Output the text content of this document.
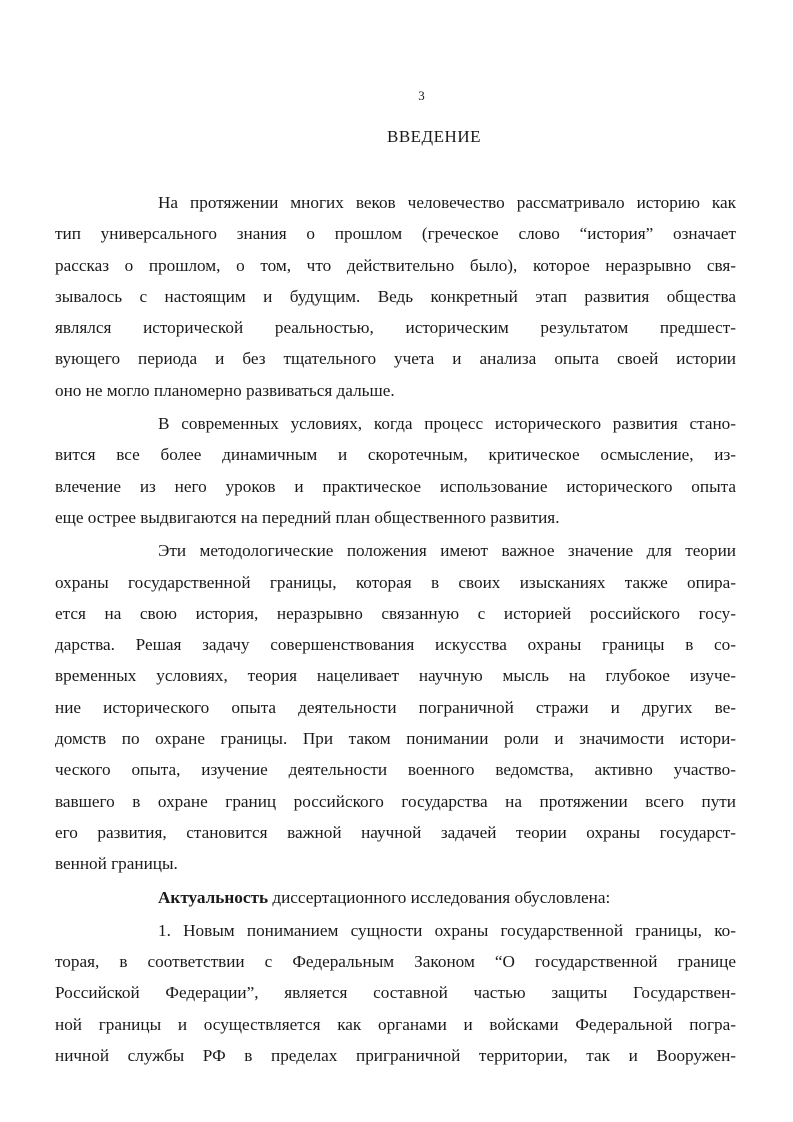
3
ВВЕДЕНИЕ
Ha протяжении многих веков человечество рассматривало историю как
тип универсального знания о прошлом (греческое слово “история” означает
рассказ о прошлом, о том, что действительно было), которое неразрывно свя-
зывалось с настоящим и будущим. Ведь конкретный этап развития общества
являлся исторической реальностью, историческим результатом предшест-
вующего периода и без тщательного учета и анализа опыта своей истории
оно не могло планомерно развиваться дальше.
В современных условиях, когда процесс исторического развития стано-
вится все более динамичным и скоротечным, критическое осмысление, из-
влечение из него уроков и практическое использование исторического опыта
еще острее выдвигаются на передний план общественного развития.
Эти методологические положения имеют важное значение для теории
охраны государственной границы, которая в своих изысканиях также опира-
ется на свою история, неразрывно связанную с историей российского госу-
дарства. Решая задачу совершенствования искусства охраны границы в со-
временных условиях, теория нацеливает научную мысль на глубокое изуче-
ние исторического опыта деятельности пограничной стражи и других ве-
домств по охране границы. При таком понимании роли и значимости истори-
ческого опыта, изучение деятельности военного ведомства, активно участво-
вавшего в охране границ российского государства на протяжении всего пути
его развития, становится важной научной задачей теории охраны государст-
венной границы.
Актуальность диссертационного исследования обусловлена:
1. Новым пониманием сущности охраны государственной границы, ко-
торая, в соответствии с Федеральным Законом “О государственной границе
Российской Федерации”, является составной частью защиты Государствен-
ной границы и осуществляется как органами и войсками Федеральной погра-
ничной службы РФ в пределах приграничной территории, так и Вооружен-
